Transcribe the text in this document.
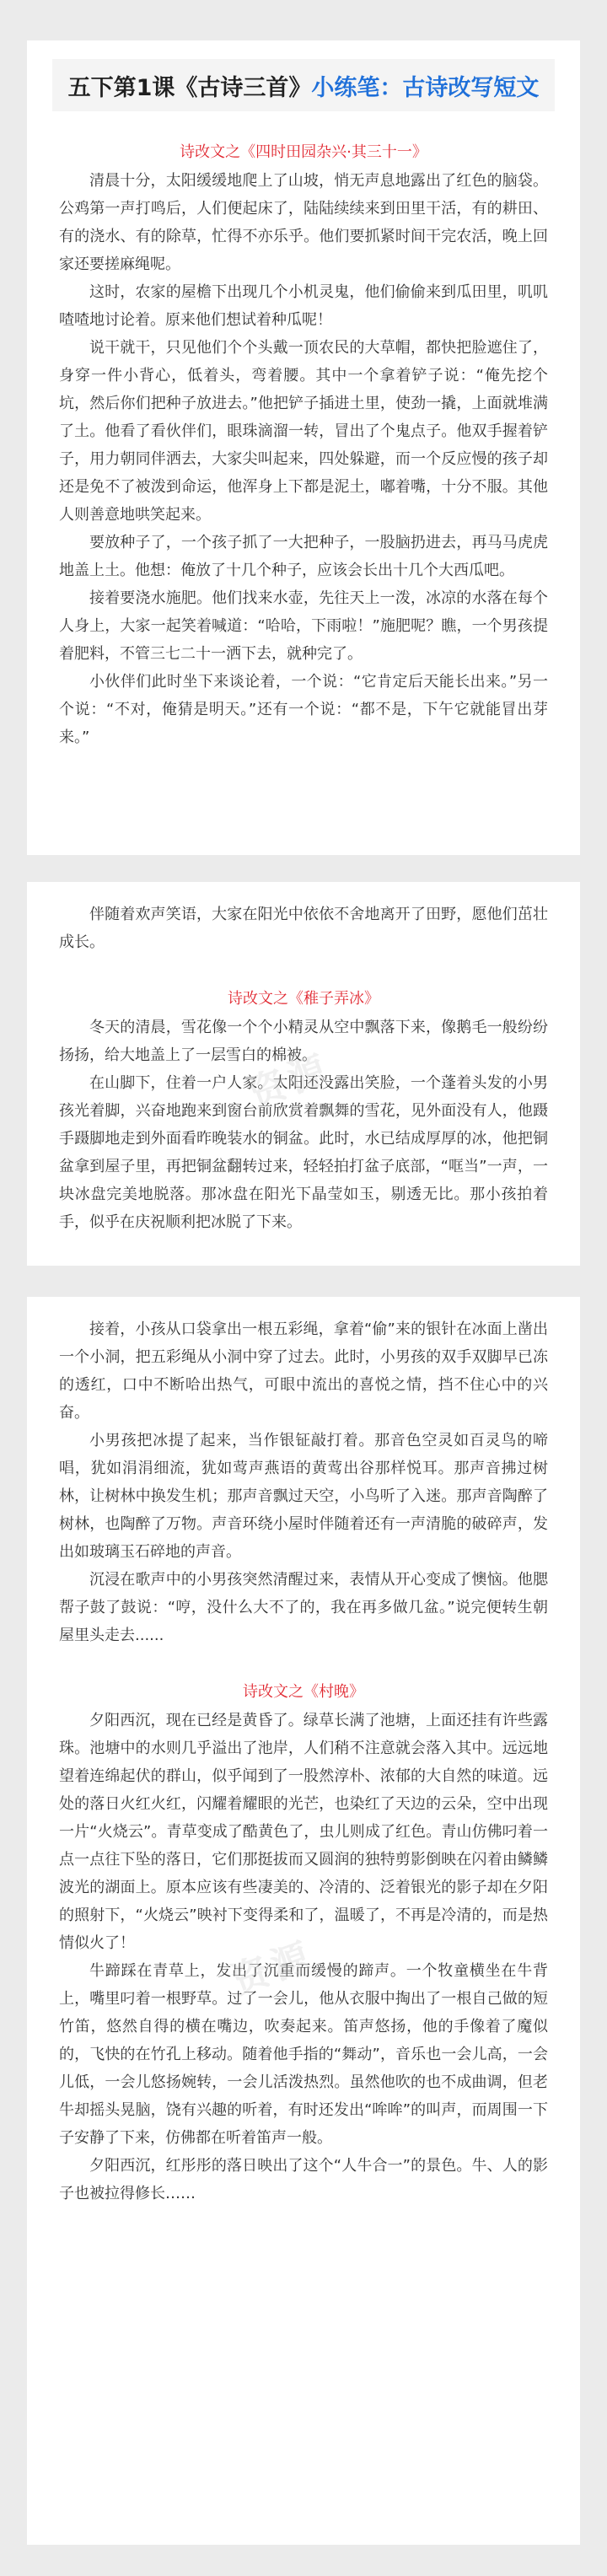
五下第1课《古诗三首》 小练笔：古诗改写短文
诗改文之《四时田园杂兴·其三十一》

清晨十分，太阳缓缓地爬上了山坡，悄无声息地露出了红色的脑袋。公鸡第一声打鸣后，人们便起床了，陆陆续续来到田里干活，有的耕田、有的浇水、有的除草，忙得不亦乐乎。他们要抓紧时间干完农活，晚上回家还要搓麻绳呢。

这时，农家的屋檐下出现几个小机灵鬼，他们偷偷来到瓜田里，叽叽喳喳地讨论着。原来他们想试着种瓜呢！

说干就干，只见他们个个头戴一顶农民的大草帽，都快把脸遮住了，身穿一件小背心，低着头，弯着腰。其中一个拿着铲子说：“俺先挖个坑，然后你们把种子放进去。”他把铲子插进土里，使劲一撬，上面就堆满了土。他看了看伙伴们，眼珠滴溜一转，冒出了个鬼点子。他双手握着铲子，用力朝同伴洒去，大家尖叫起来，四处躲避，而一个反应慢的孩子却还是免不了被泼到命运，他浑身上下都是泥土，嘟着嘴，十分不服。其他人则善意地哄笑起来。

要放种子了，一个孩子抓了一大把种子，一股脑扔进去，再马马虎虎地盖上土。他想：俺放了十几个种子，应该会长出十几个大西瓜吧。

接着要浇水施肥。他们找来水壶，先往天上一泼，冰凉的水落在每个人身上，大家一起笑着喊道：“哈哈，下雨啦！”施肥呢？瞧，一个男孩提着肥料，不管三七二十一洒下去，就种完了。

小伙伴们此时坐下来谈论着，一个说：“它肯定后天能长出来。”另一个说：“不对，俺猜是明天。”还有一个说：“都不是，下午它就能冒出芽来。”

伴随着欢声笑语，大家在阳光中依依不舍地离开了田野，愿他们茁壮成长。

诗改文之《稚子弄冰》

冬天的清晨，雪花像一个个小精灵从空中飘落下来，像鹅毛一般纷纷扬扬，给大地盖上了一层雪白的棉被。

在山脚下，住着一户人家。太阳还没露出笑脸，一个蓬着头发的小男孩光着脚，兴奋地跑来到窗台前欣赏着飘舞的雪花，见外面没有人，他蹑手蹑脚地走到外面看昨晚装水的铜盆。此时，水已结成厚厚的冰，他把铜盆拿到屋子里，再把铜盆翻转过来，轻轻拍打盆子底部，“哐当”一声，一块冰盘完美地脱落。那冰盘在阳光下晶莹如玉，剔透无比。那小孩拍着手，似乎在庆祝顺利把冰脱了下来。

资源

接着，小孩从口袋拿出一根五彩绳，拿着“偷”来的银针在冰面上凿出一个小洞，把五彩绳从小洞中穿了过去。此时，小男孩的双手双脚早已冻的透红，口中不断哈出热气，可眼中流出的喜悦之情，挡不住心中的兴奋。

小男孩把冰提了起来，当作银钲敲打着。那音色空灵如百灵鸟的啼唱，犹如涓涓细流，犹如莺声燕语的黄莺出谷那样悦耳。那声音拂过树林，让树林中换发生机；那声音飘过天空，小鸟听了入迷。那声音陶醉了树林，也陶醉了万物。声音环绕小屋时伴随着还有一声清脆的破碎声，发出如玻璃玉石碎地的声音。

沉浸在歌声中的小男孩突然清醒过来，表情从开心变成了懊恼。他腮帮子鼓了鼓说：“哼，没什么大不了的，我在再多做几盆。”说完便转生朝屋里头走去......

诗改文之《村晚》

夕阳西沉，现在已经是黄昏了。绿草长满了池塘，上面还挂有许些露珠。池塘中的水则几乎溢出了池岸，人们稍不注意就会落入其中。远远地望着连绵起伏的群山，似乎闻到了一股然淳朴、浓郁的大自然的味道。远处的落日火红火红，闪耀着耀眼的光芒，也染红了天边的云朵，空中出现一片“火烧云”。青草变成了酷黄色了，虫儿则成了红色。青山仿佛叼着一点一点往下坠的落日，它们那挺拔而又圆润的独特剪影倒映在闪着由鳞鳞波光的湖面上。原本应该有些凄美的、冷清的、泛着银光的影子却在夕阳的照射下，“火烧云”映衬下变得柔和了，温暖了，不再是冷清的，而是热情似火了！

牛蹄踩在青草上，发出了沉重而缓慢的蹄声。一个牧童横坐在牛背上，嘴里叼着一根野草。过了一会儿，他从衣服中掏出了一根自己做的短竹笛，悠然自得的横在嘴边，吹奏起来。笛声悠扬，他的手像着了魔似的，飞快的在竹孔上移动。随着他手指的“舞动”，音乐也一会儿高，一会儿低，一会儿悠扬婉转，一会儿活泼热烈。虽然他吹的也不成曲调，但老牛却摇头晃脑，饶有兴趣的听着，有时还发出“哞哞”的叫声，而周围一下子安静了下来，仿佛都在听着笛声一般。

夕阳西沉，红彤彤的落日映出了这个“人牛合一”的景色。牛、人的影子也被拉得修长……

资源
